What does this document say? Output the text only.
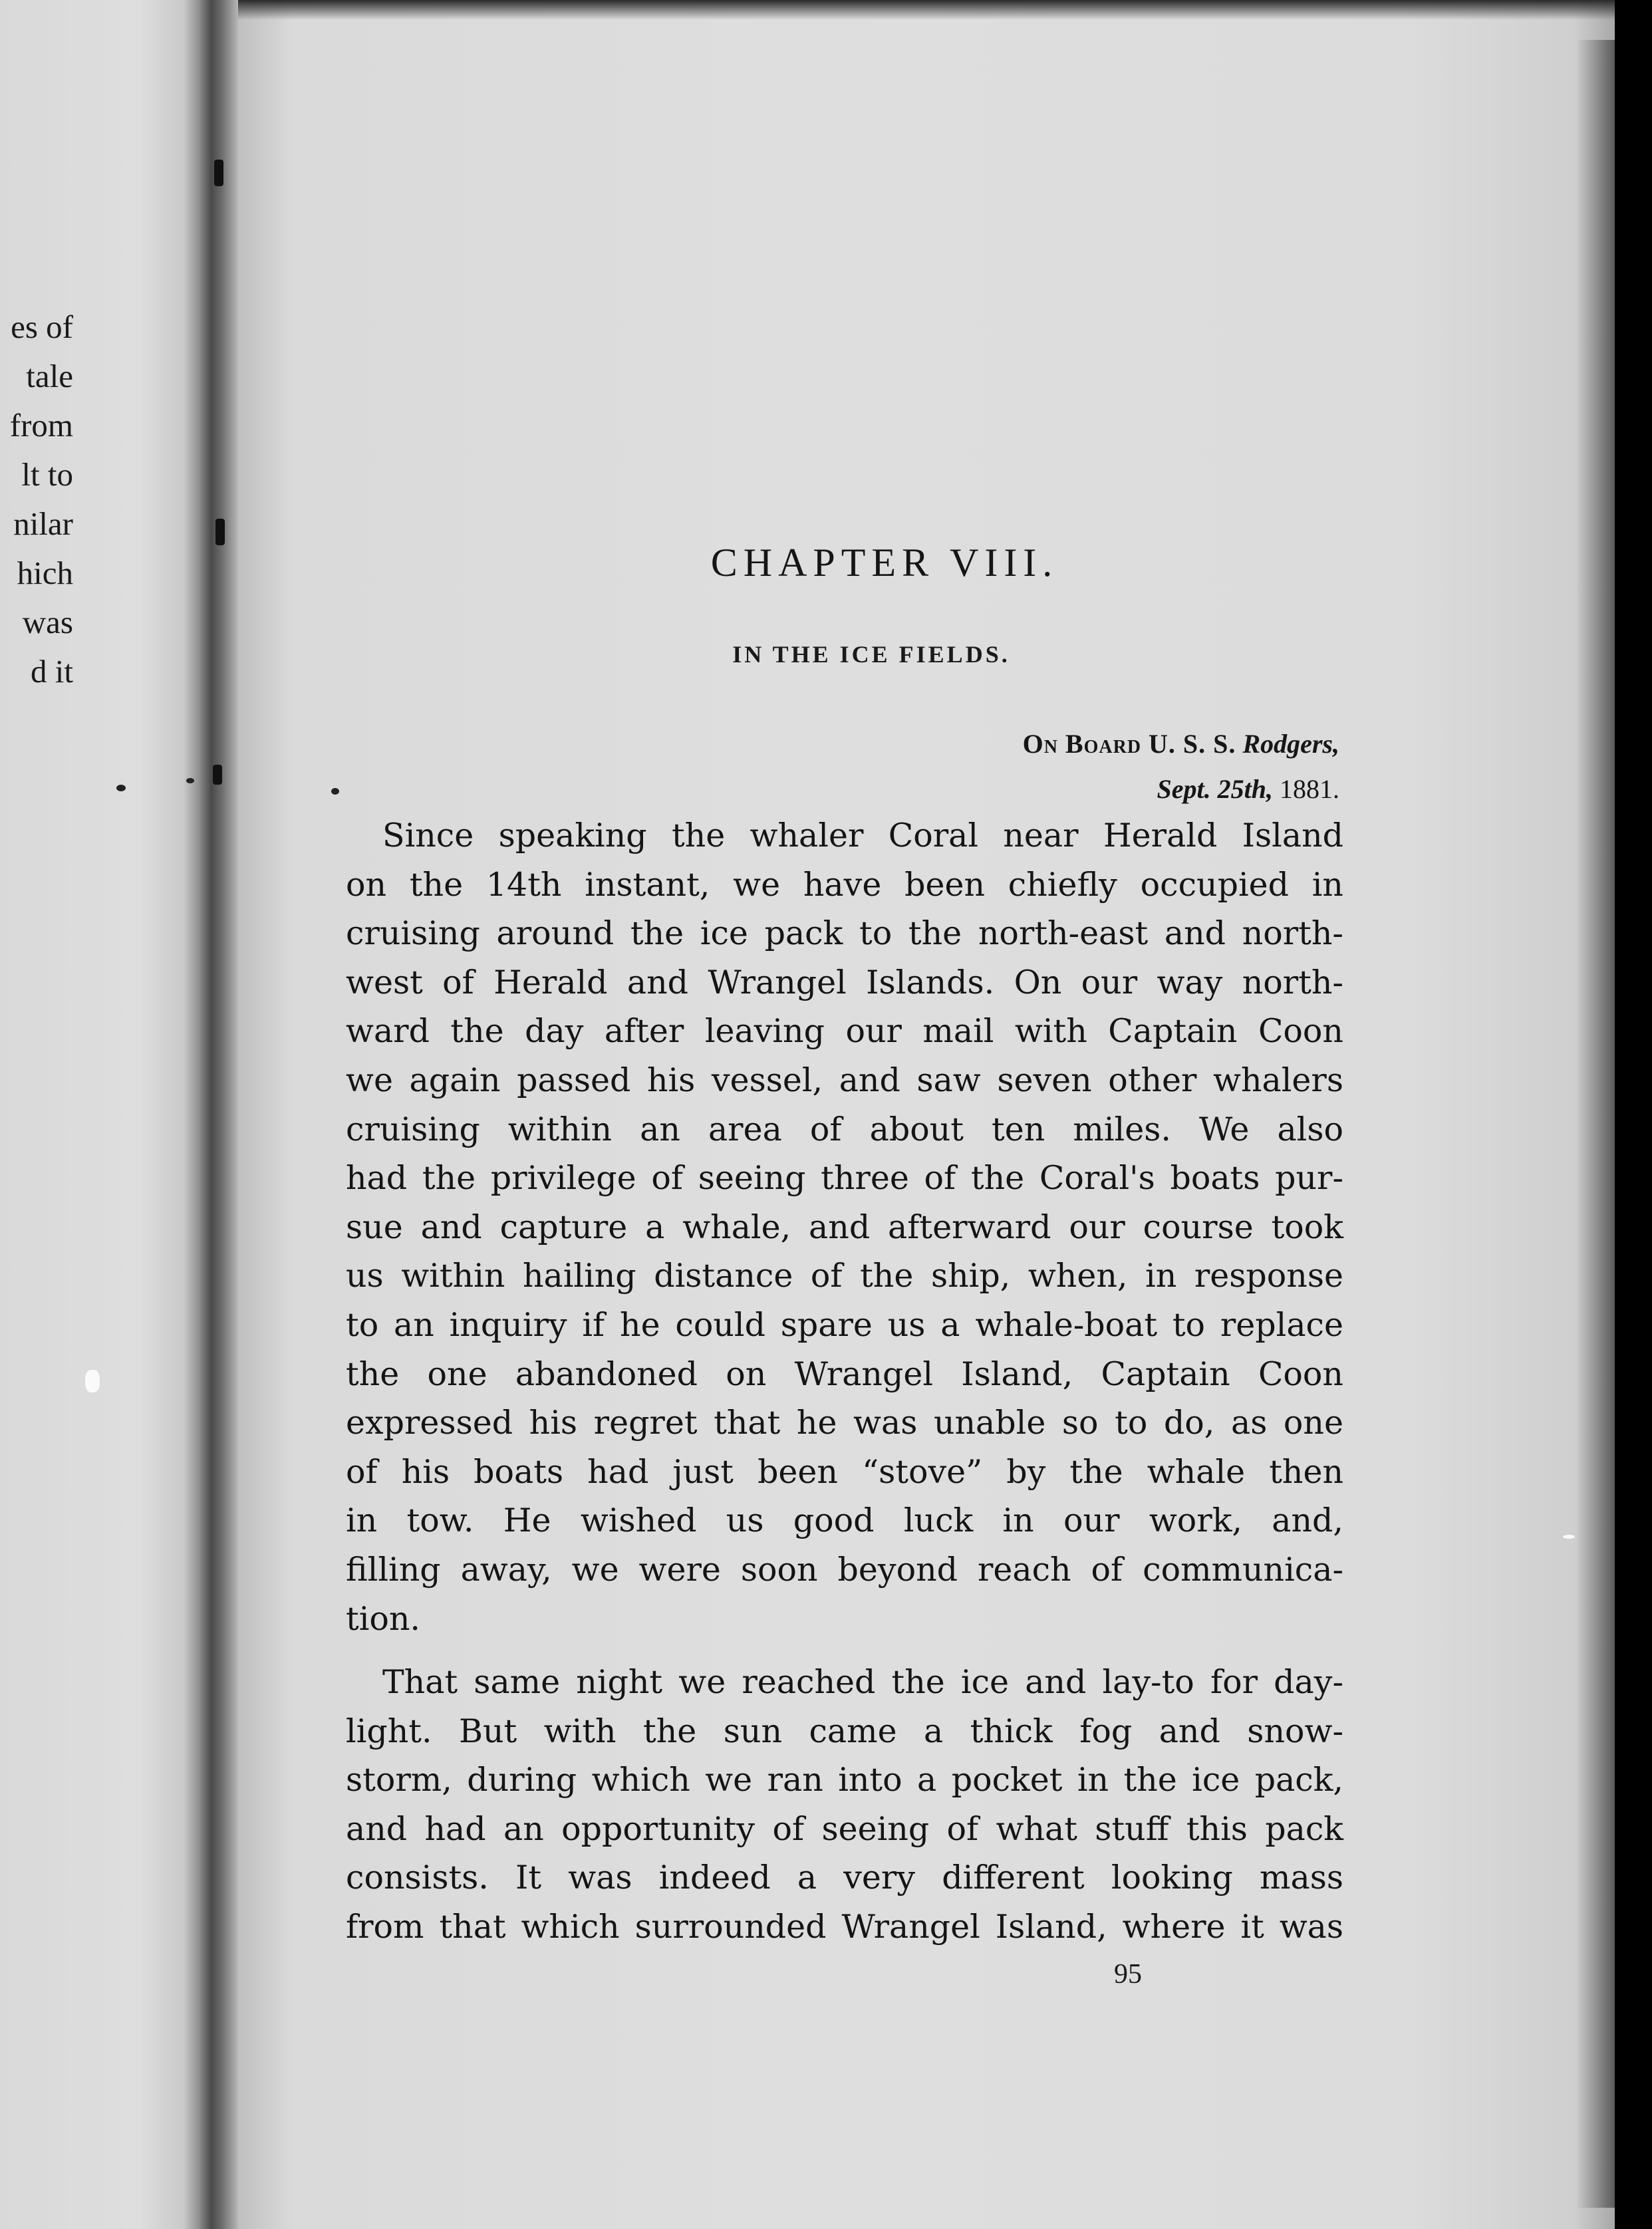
es of
tale
from
lt to
nilar
hich
was
d it
CHAPTER VIII.
IN THE ICE FIELDS.
On Board U. S. S. Rodgers,
Sept. 25th, 1881.

Since speaking the whaler Coral near Herald Island
on the 14th instant, we have been chiefly occupied in
cruising around the ice pack to the north-east and north-
west of Herald and Wrangel Islands. On our way north-
ward the day after leaving our mail with Captain Coon
we again passed his vessel, and saw seven other whalers
cruising within an area of about ten miles. We also
had the privilege of seeing three of the Coral's boats pur-
sue and capture a whale, and afterward our course took
us within hailing distance of the ship, when, in response
to an inquiry if he could spare us a whale-boat to replace
the one abandoned on Wrangel Island, Captain Coon
expressed his regret that he was unable so to do, as one
of his boats had just been “stove” by the whale then
in tow. He wished us good luck in our work, and,
filling away, we were soon beyond reach of communica-
tion.

That same night we reached the ice and lay-to for day-
light. But with the sun came a thick fog and snow-
storm, during which we ran into a pocket in the ice pack,
and had an opportunity of seeing of what stuff this pack
consists. It was indeed a very different looking mass
from that which surrounded Wrangel Island, where it was

95
